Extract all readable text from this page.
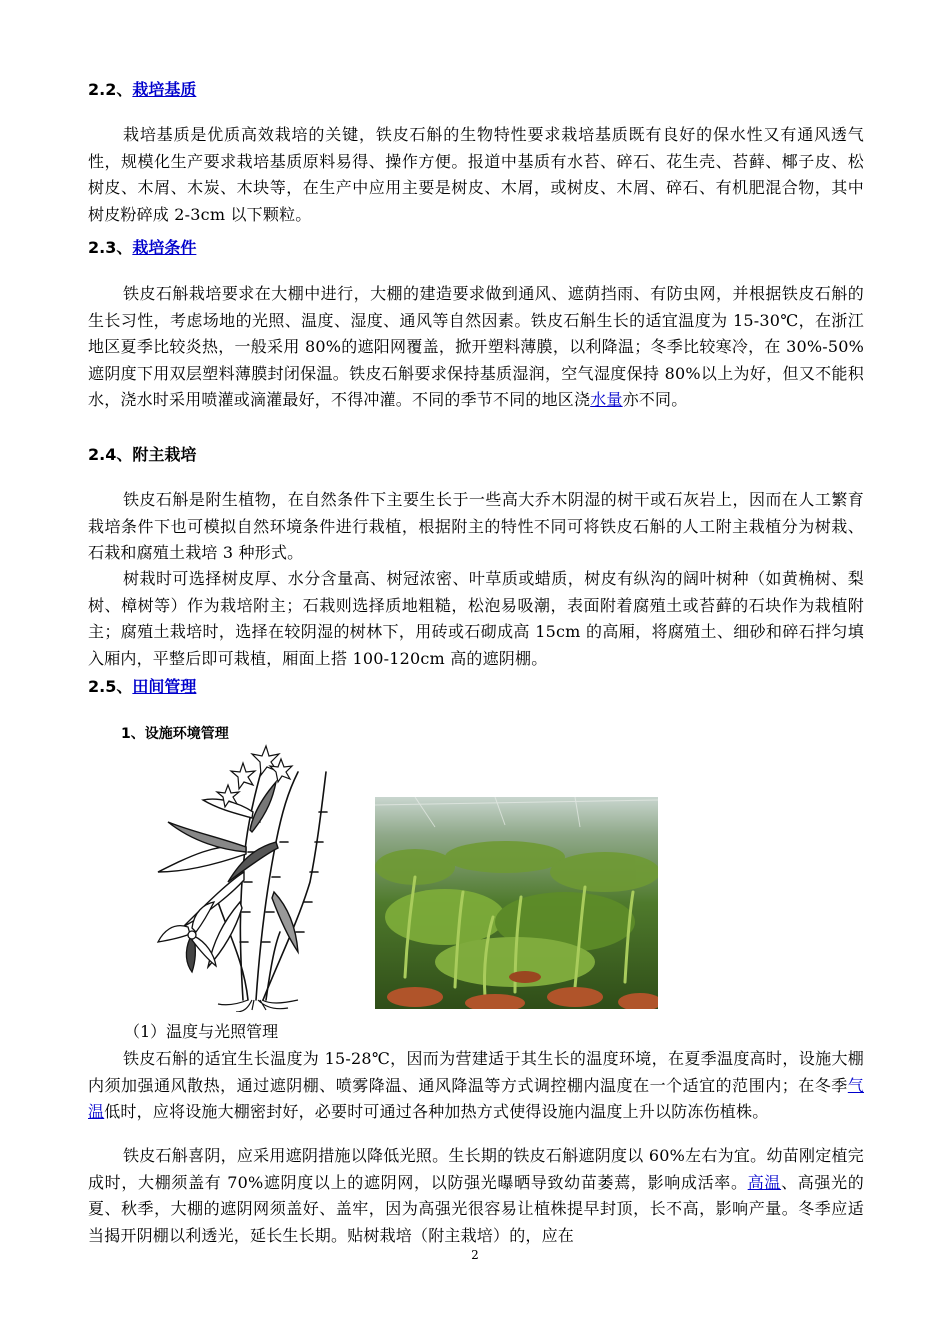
2.2、栽培基质
栽培基质是优质高效栽培的关键，铁皮石斛的生物特性要求栽培基质既有良好的保水性又有通风透气性，规模化生产要求栽培基质原料易得、操作方便。报道中基质有水苔、碎石、花生壳、苔藓、椰子皮、松树皮、木屑、木炭、木块等，在生产中应用主要是树皮、木屑，或树皮、木屑、碎石、有机肥混合物，其中树皮粉碎成 2-3cm 以下颗粒。
2.3、栽培条件
铁皮石斛栽培要求在大棚中进行，大棚的建造要求做到通风、遮荫挡雨、有防虫网，并根据铁皮石斛的生长习性，考虑场地的光照、温度、湿度、通风等自然因素。铁皮石斛生长的适宜温度为 15-30℃，在浙江地区夏季比较炎热，一般采用 80%的遮阳网覆盖，掀开塑料薄膜，以利降温；冬季比较寒冷，在 30%-50%遮阴度下用双层塑料薄膜封闭保温。铁皮石斛要求保持基质湿润，空气湿度保持 80%以上为好，但又不能积水，浇水时采用喷灌或滴灌最好，不得冲灌。不同的季节不同的地区浇水量亦不同。
2.4、附主栽培
铁皮石斛是附生植物，在自然条件下主要生长于一些高大乔木阴湿的树干或石灰岩上，因而在人工繁育栽培条件下也可模拟自然环境条件进行栽植，根据附主的特性不同可将铁皮石斛的人工附主栽植分为树栽、石栽和腐殖土栽培 3 种形式。
树栽时可选择树皮厚、水分含量高、树冠浓密、叶草质或蜡质，树皮有纵沟的阔叶树种（如黄桷树、梨树、樟树等）作为栽培附主；石栽则选择质地粗糙，松泡易吸潮，表面附着腐殖土或苔藓的石块作为栽植附主；腐殖土栽培时，选择在较阴湿的树林下，用砖或石砌成高 15cm 的高厢，将腐殖土、细砂和碎石拌匀填入厢内，平整后即可栽植，厢面上搭 100-120cm 高的遮阴棚。
2.5、田间管理
1、设施环境管理
（1）温度与光照管理
铁皮石斛的适宜生长温度为 15-28℃，因而为营建适于其生长的温度环境，在夏季温度高时，设施大棚内须加强通风散热，通过遮阴棚、喷雾降温、通风降温等方式调控棚内温度在一个适宜的范围内；在冬季气温低时，应将设施大棚密封好，必要时可通过各种加热方式使得设施内温度上升以防冻伤植株。
铁皮石斛喜阴，应采用遮阴措施以降低光照。生长期的铁皮石斛遮阴度以 60%左右为宜。幼苗刚定植完成时，大棚须盖有 70%遮阴度以上的遮阴网，以防强光曝晒导致幼苗萎蔫，影响成活率。高温、高强光的夏、秋季，大棚的遮阴网须盖好、盖牢，因为高强光很容易让植株提早封顶，长不高，影响产量。冬季应适当揭开阴棚以利透光，延长生长期。贴树栽培（附主栽培）的，应在
2
